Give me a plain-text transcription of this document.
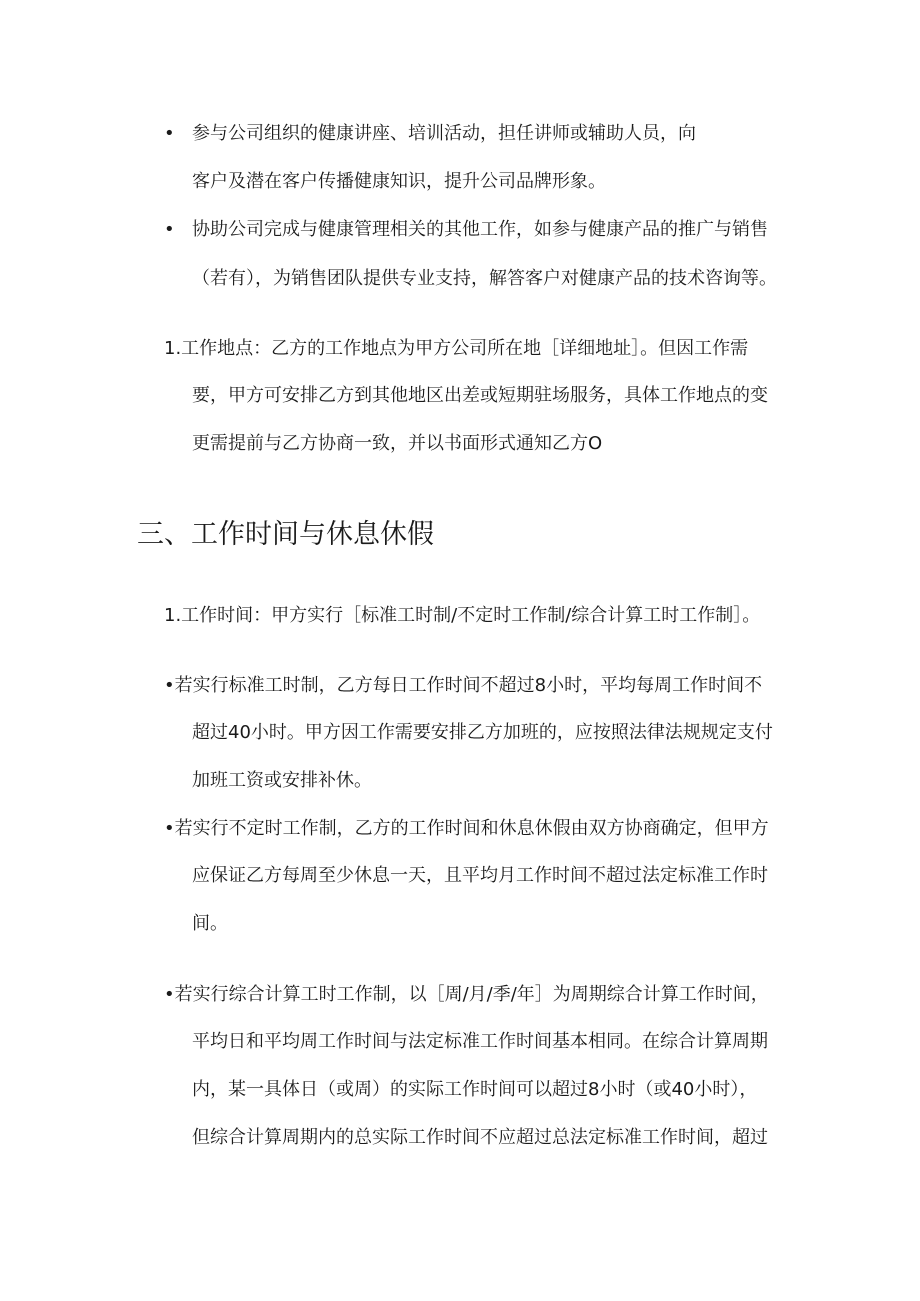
• 参与公司组织的健康讲座、培训活动，担任讲师或辅助人员，向
客户及潜在客户传播健康知识，提升公司品牌形象。
• 协助公司完成与健康管理相关的其他工作，如参与健康产品的推广与销售
（若有），为销售团队提供专业支持，解答客户对健康产品的技术咨询等。
1.工作地点：乙方的工作地点为甲方公司所在地［详细地址］。但因工作需
要，甲方可安排乙方到其他地区出差或短期驻场服务，具体工作地点的变
更需提前与乙方协商一致，并以书面形式通知乙方O
三、工作时间与休息休假
1.工作时间：甲方实行［标准工时制/不定时工作制/综合计算工时工作制］。
•若实行标准工时制，乙方每日工作时间不超过8小时，平均每周工作时间不
超过40小时。甲方因工作需要安排乙方加班的，应按照法律法规规定支付
加班工资或安排补休。
•若实行不定时工作制，乙方的工作时间和休息休假由双方协商确定，但甲方
应保证乙方每周至少休息一天，且平均月工作时间不超过法定标准工作时
间。
•若实行综合计算工时工作制，以［周/月/季/年］为周期综合计算工作时间，
平均日和平均周工作时间与法定标准工作时间基本相同。在综合计算周期
内，某一具体日（或周）的实际工作时间可以超过8小时（或40小时），
但综合计算周期内的总实际工作时间不应超过总法定标准工作时间，超过
